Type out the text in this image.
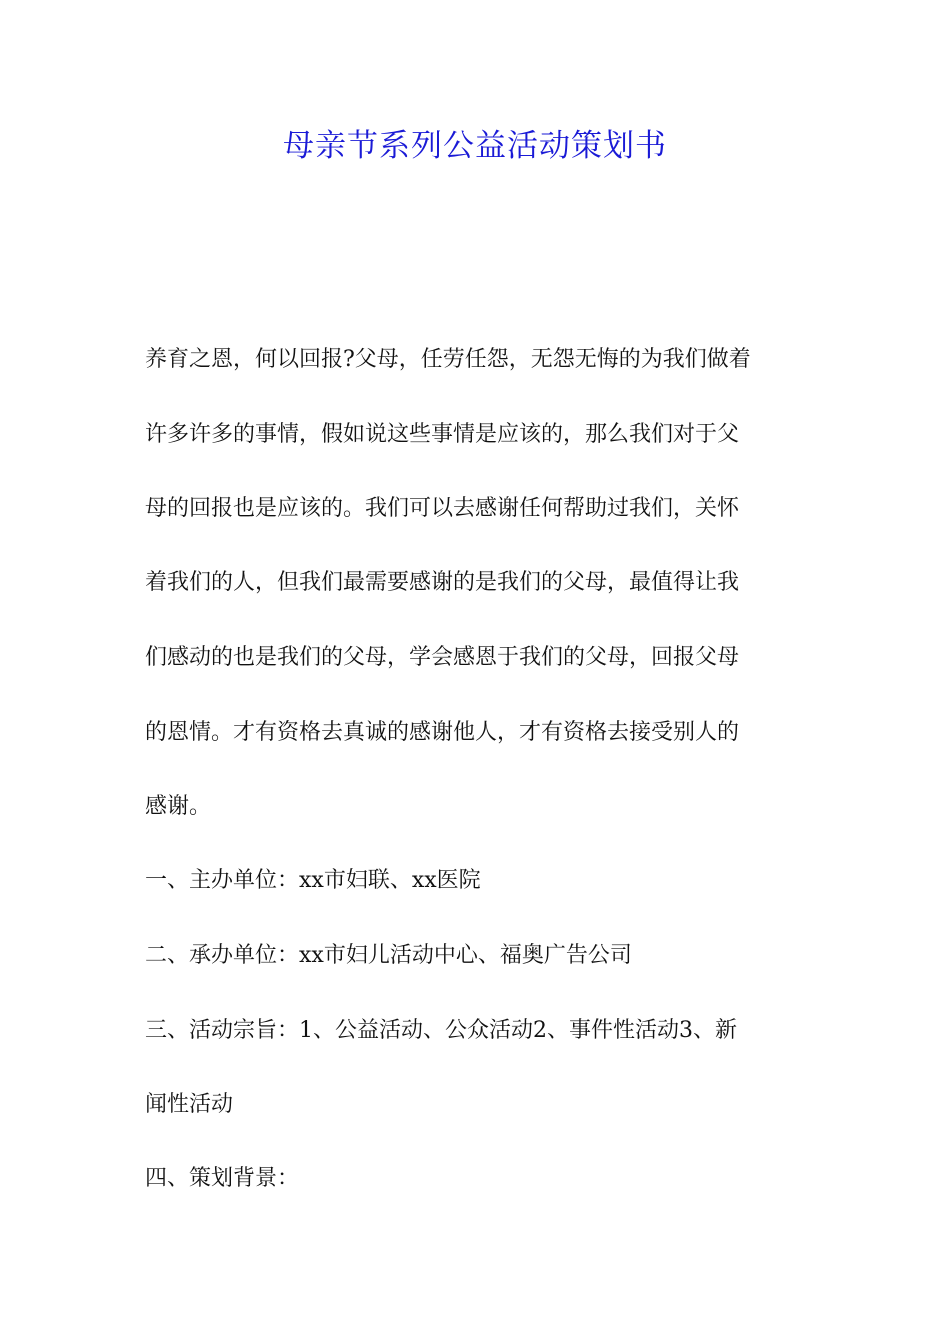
母亲节系列公益活动策划书
养育之恩，何以回报?父母，任劳任怨，无怨无悔的为我们做着
许多许多的事情，假如说这些事情是应该的，那么我们对于父
母的回报也是应该的。我们可以去感谢任何帮助过我们，关怀
着我们的人，但我们最需要感谢的是我们的父母，最值得让我
们感动的也是我们的父母，学会感恩于我们的父母，回报父母
的恩情。才有资格去真诚的感谢他人，才有资格去接受别人的
感谢。
一、主办单位：xx市妇联、xx医院
二、承办单位：xx市妇儿活动中心、福奥广告公司
三、活动宗旨：1、公益活动、公众活动2、事件性活动3、新
闻性活动
四、策划背景：
